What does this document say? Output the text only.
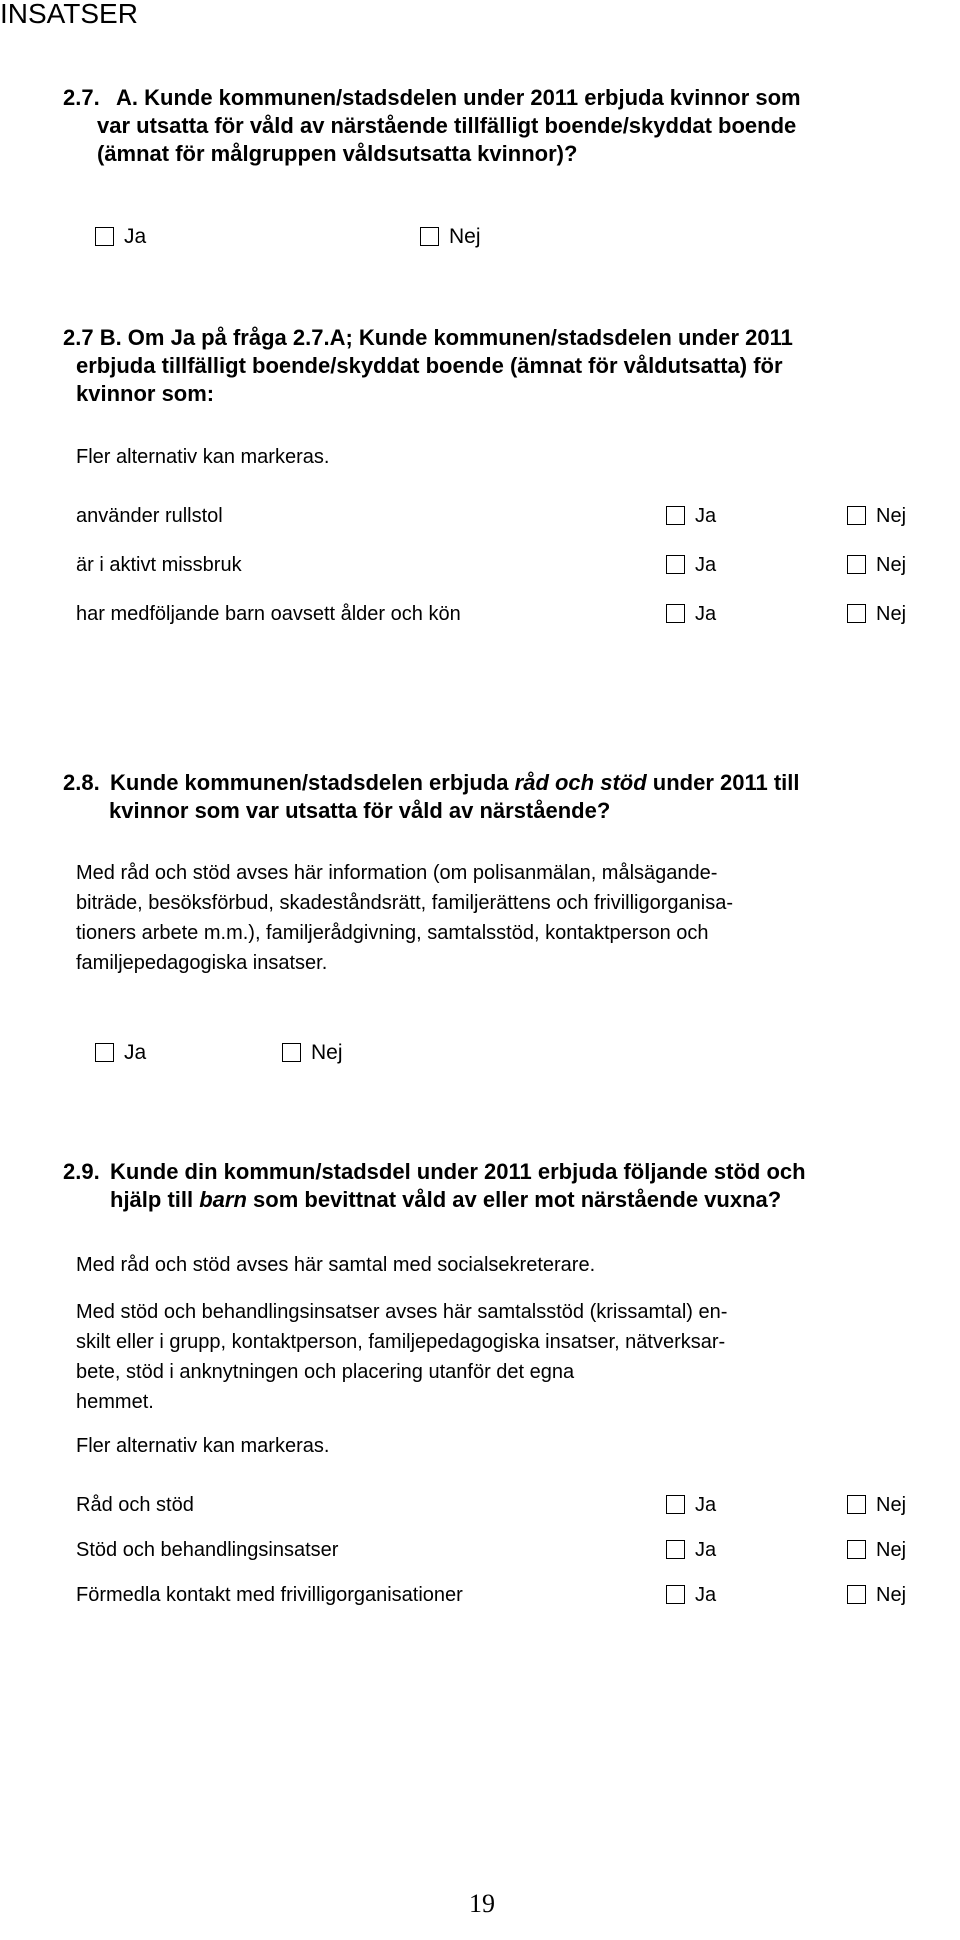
INSATSER
2.7. A. Kunde kommunen/stadsdelen under 2011 erbjuda kvinnor som
var utsatta för våld av närstående tillfälligt boende/skyddat boende
(ämnat för målgruppen våldsutsatta kvinnor)?
Ja	Nej
2.7 B. Om Ja på fråga 2.7.A; Kunde kommunen/stadsdelen under 2011
erbjuda tillfälligt boende/skyddat boende (ämnat för våldutsatta) för
kvinnor som:
Fler alternativ kan markeras.
använder rullstol	Ja	Nej
är i aktivt missbruk	Ja	Nej
har medföljande barn oavsett ålder och kön	Ja	Nej
2.8. Kunde kommunen/stadsdelen erbjuda råd och stöd under 2011 till
kvinnor som var utsatta för våld av närstående?
Med råd och stöd avses här information (om polisanmälan, målsägande-
biträde, besöksförbud, skadeståndsrätt, familjerättens och frivilligorganisa-
tioners arbete m.m.), familjerådgivning, samtalsstöd, kontaktperson och
familjepedagogiska insatser.
Ja	Nej
2.9. Kunde din kommun/stadsdel under 2011 erbjuda följande stöd och
hjälp till barn som bevittnat våld av eller mot närstående vuxna?
Med råd och stöd avses här samtal med socialsekreterare.
Med stöd och behandlingsinsatser avses här samtalsstöd (krissamtal) en-
skilt eller i grupp, kontaktperson, familjepedagogiska insatser, nätverksar-
bete, stöd i anknytningen och placering utanför det egna
hemmet.
Fler alternativ kan markeras.
Råd och stöd	Ja	Nej
Stöd och behandlingsinsatser	Ja	Nej
Förmedla kontakt med frivilligorganisationer	Ja	Nej
19
